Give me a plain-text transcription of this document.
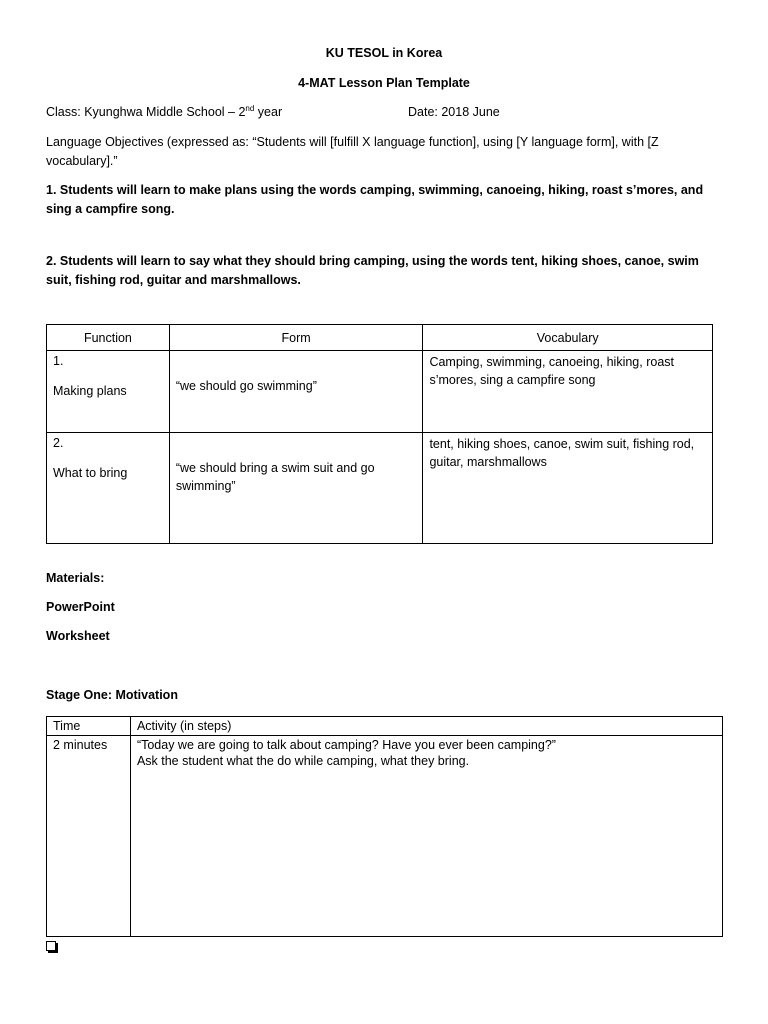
KU TESOL in Korea
4-MAT Lesson Plan Template
Class: Kyunghwa Middle School – 2nd year	Date: 2018 June
Language Objectives (expressed as: “Students will [fulfill X language function], using [Y language form], with [Z vocabulary].”
1. Students will learn to make plans using the words camping, swimming, canoeing, hiking, roast s’mores, and sing a campfire song.
2. Students will learn to say what they should bring camping, using the words tent, hiking shoes, canoe, swim suit, fishing rod, guitar and marshmallows.
Function	Form	Vocabulary

1.
Making plans	“we should go swimming”	Camping, swimming, canoeing, hiking, roast s’mores, sing a campfire song

2.
What to bring	“we should bring a swim suit and go swimming”	tent, hiking shoes, canoe, swim suit, fishing rod, guitar, marshmallows
Materials:
PowerPoint
Worksheet
Stage One: Motivation
Time	Activity (in steps)
2 minutes	“Today we are going to talk about camping? Have you ever been camping?”
Ask the student what the do while camping, what they bring.
